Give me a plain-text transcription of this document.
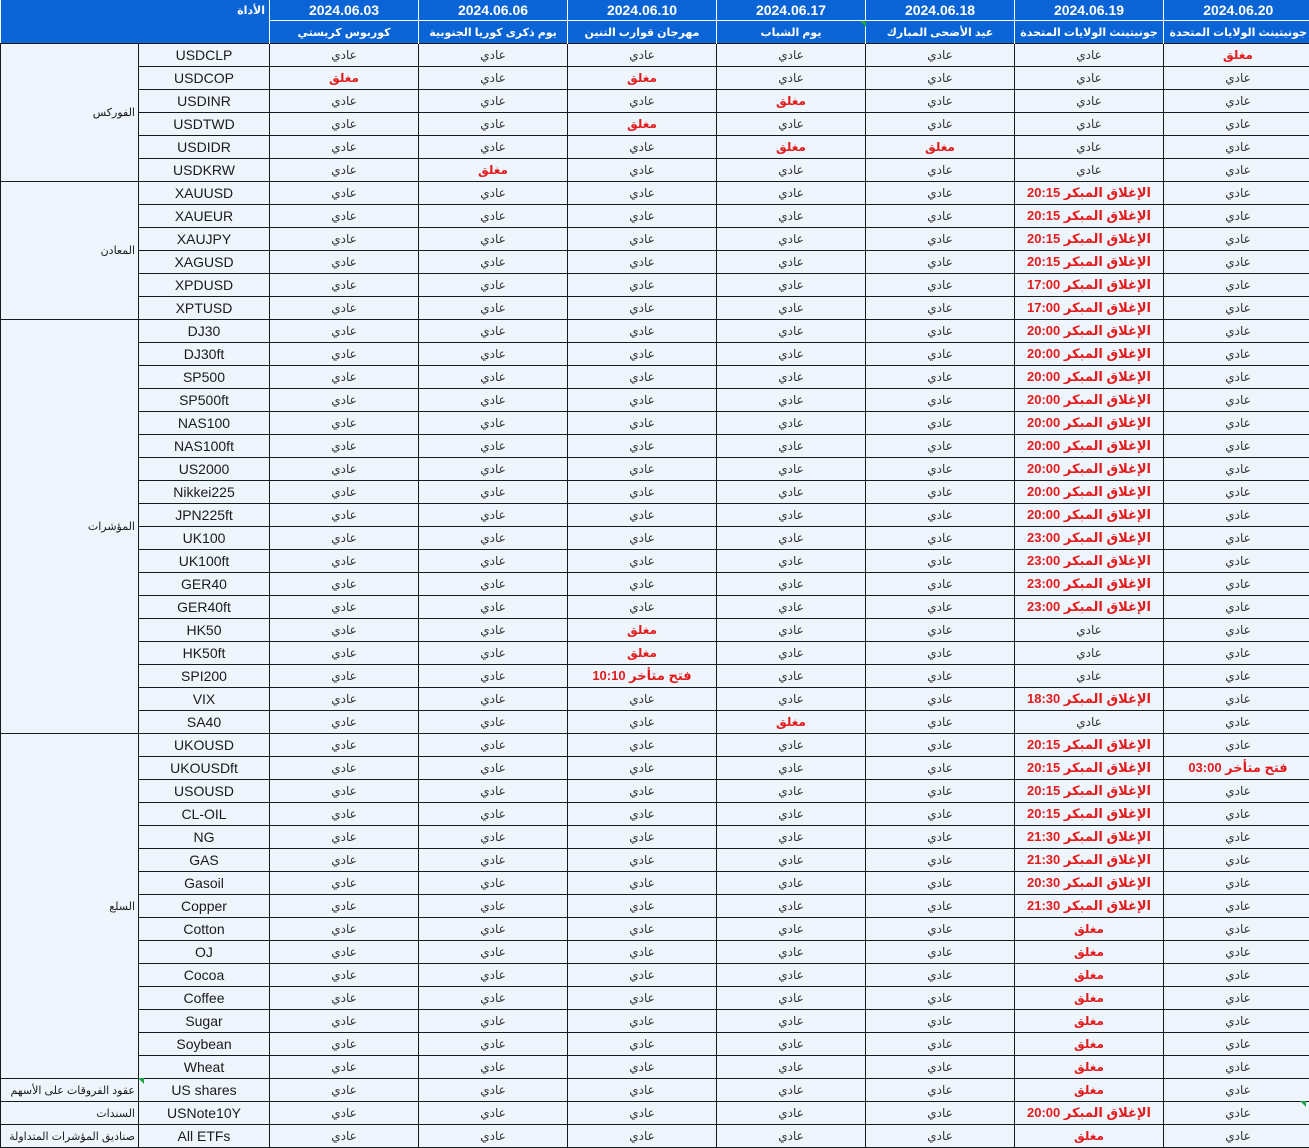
	الأداة	2024.06.03	2024.06.06	2024.06.10	2024.06.17	2024.06.18	2024.06.19	2024.06.20
		كوربوس كريستي	يوم ذكرى كوريا الجنوبية	مهرجان قوارب التنين	يوم الشباب	عيد الأضحى المبارك	جونيتينث الولايات المتحدة	جونيتينث الولايات المتحدة
الفوركس	USDCLP	عادي	عادي	عادي	عادي	عادي	عادي	مغلق
	USDCOP	مغلق	عادي	مغلق	عادي	عادي	عادي	عادي
	USDINR	عادي	عادي	عادي	مغلق	عادي	عادي	عادي
	USDTWD	عادي	عادي	مغلق	عادي	عادي	عادي	عادي
	USDIDR	عادي	عادي	عادي	مغلق	مغلق	عادي	عادي
	USDKRW	عادي	مغلق	عادي	عادي	عادي	عادي	عادي
المعادن	XAUUSD	عادي	عادي	عادي	عادي	عادي	الإغلاق المبكر 20:15	عادي
	XAUEUR	عادي	عادي	عادي	عادي	عادي	الإغلاق المبكر 20:15	عادي
	XAUJPY	عادي	عادي	عادي	عادي	عادي	الإغلاق المبكر 20:15	عادي
	XAGUSD	عادي	عادي	عادي	عادي	عادي	الإغلاق المبكر 20:15	عادي
	XPDUSD	عادي	عادي	عادي	عادي	عادي	الإغلاق المبكر 17:00	عادي
	XPTUSD	عادي	عادي	عادي	عادي	عادي	الإغلاق المبكر 17:00	عادي
المؤشرات	DJ30	عادي	عادي	عادي	عادي	عادي	الإغلاق المبكر 20:00	عادي
	DJ30ft	عادي	عادي	عادي	عادي	عادي	الإغلاق المبكر 20:00	عادي
	SP500	عادي	عادي	عادي	عادي	عادي	الإغلاق المبكر 20:00	عادي
	SP500ft	عادي	عادي	عادي	عادي	عادي	الإغلاق المبكر 20:00	عادي
	NAS100	عادي	عادي	عادي	عادي	عادي	الإغلاق المبكر 20:00	عادي
	NAS100ft	عادي	عادي	عادي	عادي	عادي	الإغلاق المبكر 20:00	عادي
	US2000	عادي	عادي	عادي	عادي	عادي	الإغلاق المبكر 20:00	عادي
	Nikkei225	عادي	عادي	عادي	عادي	عادي	الإغلاق المبكر 20:00	عادي
	JPN225ft	عادي	عادي	عادي	عادي	عادي	الإغلاق المبكر 20:00	عادي
	UK100	عادي	عادي	عادي	عادي	عادي	الإغلاق المبكر 23:00	عادي
	UK100ft	عادي	عادي	عادي	عادي	عادي	الإغلاق المبكر 23:00	عادي
	GER40	عادي	عادي	عادي	عادي	عادي	الإغلاق المبكر 23:00	عادي
	GER40ft	عادي	عادي	عادي	عادي	عادي	الإغلاق المبكر 23:00	عادي
	HK50	عادي	عادي	مغلق	عادي	عادي	عادي	عادي
	HK50ft	عادي	عادي	مغلق	عادي	عادي	عادي	عادي
	SPI200	عادي	عادي	فتح متأخر 10:10	عادي	عادي	عادي	عادي
	VIX	عادي	عادي	عادي	عادي	عادي	الإغلاق المبكر 18:30	عادي
	SA40	عادي	عادي	عادي	مغلق	عادي	عادي	عادي
السلع	UKOUSD	عادي	عادي	عادي	عادي	عادي	الإغلاق المبكر 20:15	عادي
	UKOUSDft	عادي	عادي	عادي	عادي	عادي	الإغلاق المبكر 20:15	فتح متأخر 03:00
	USOUSD	عادي	عادي	عادي	عادي	عادي	الإغلاق المبكر 20:15	عادي
	CL-OIL	عادي	عادي	عادي	عادي	عادي	الإغلاق المبكر 20:15	عادي
	NG	عادي	عادي	عادي	عادي	عادي	الإغلاق المبكر 21:30	عادي
	GAS	عادي	عادي	عادي	عادي	عادي	الإغلاق المبكر 21:30	عادي
	Gasoil	عادي	عادي	عادي	عادي	عادي	الإغلاق المبكر 20:30	عادي
	Copper	عادي	عادي	عادي	عادي	عادي	الإغلاق المبكر 21:30	عادي
	Cotton	عادي	عادي	عادي	عادي	عادي	مغلق	عادي
	OJ	عادي	عادي	عادي	عادي	عادي	مغلق	عادي
	Cocoa	عادي	عادي	عادي	عادي	عادي	مغلق	عادي
	Coffee	عادي	عادي	عادي	عادي	عادي	مغلق	عادي
	Sugar	عادي	عادي	عادي	عادي	عادي	مغلق	عادي
	Soybean	عادي	عادي	عادي	عادي	عادي	مغلق	عادي
	Wheat	عادي	عادي	عادي	عادي	عادي	مغلق	عادي
عقود الفروقات على الأسهم	US shares	عادي	عادي	عادي	عادي	عادي	مغلق	عادي
السندات	USNote10Y	عادي	عادي	عادي	عادي	عادي	الإغلاق المبكر 20:00	عادي
صناديق المؤشرات المتداولة	All ETFs	عادي	عادي	عادي	عادي	عادي	مغلق	عادي
